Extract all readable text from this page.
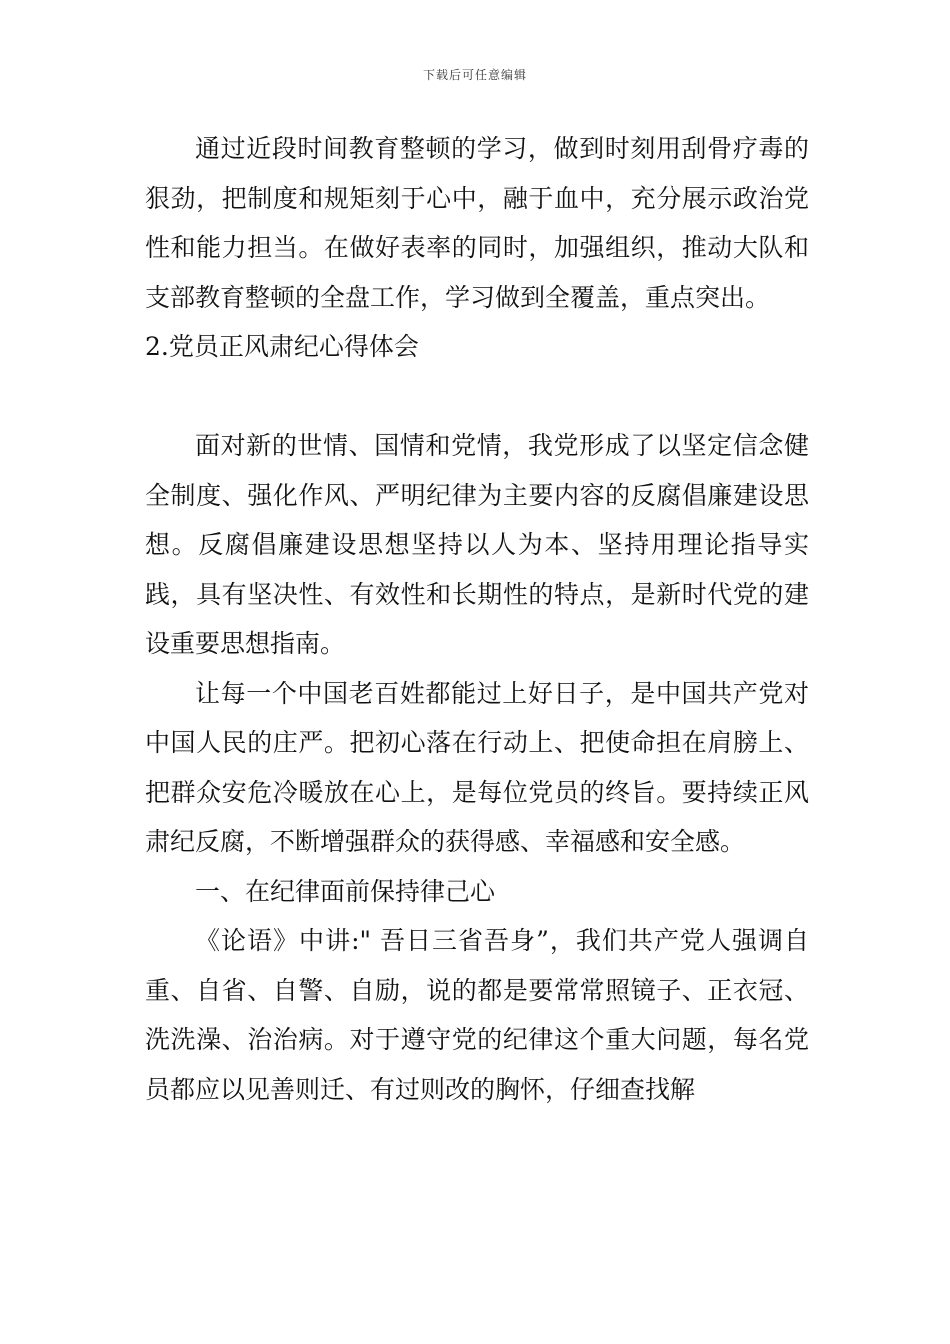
下载后可任意编辑

通过近段时间教育整顿的学习，做到时刻用刮骨疗毒的狠劲，把制度和规矩刻于心中，融于血中，充分展示政治党性和能力担当。在做好表率的同时，加强组织，推动大队和支部教育整顿的全盘工作，学习做到全覆盖，重点突出。

2.党员正风肃纪心得体会

面对新的世情、国情和党情，我党形成了以坚定信念健全制度、强化作风、严明纪律为主要内容的反腐倡廉建设思想。反腐倡廉建设思想坚持以人为本、坚持用理论指导实践，具有坚决性、有效性和长期性的特点，是新时代党的建设重要思想指南。

让每一个中国老百姓都能过上好日子，是中国共产党对中国人民的庄严。把初心落在行动上、把使命担在肩膀上、把群众安危冷暖放在心上，是每位党员的终旨。要持续正风肃纪反腐，不断增强群众的获得感、幸福感和安全感。

一、在纪律面前保持律己心

《论语》中讲:" 吾日三省吾身”，我们共产党人强调自重、自省、自警、自励，说的都是要常常照镜子、正衣冠、洗洗澡、治治病。对于遵守党的纪律这个重大问题，每名党员都应以见善则迁、有过则改的胸怀，仔细查找解
